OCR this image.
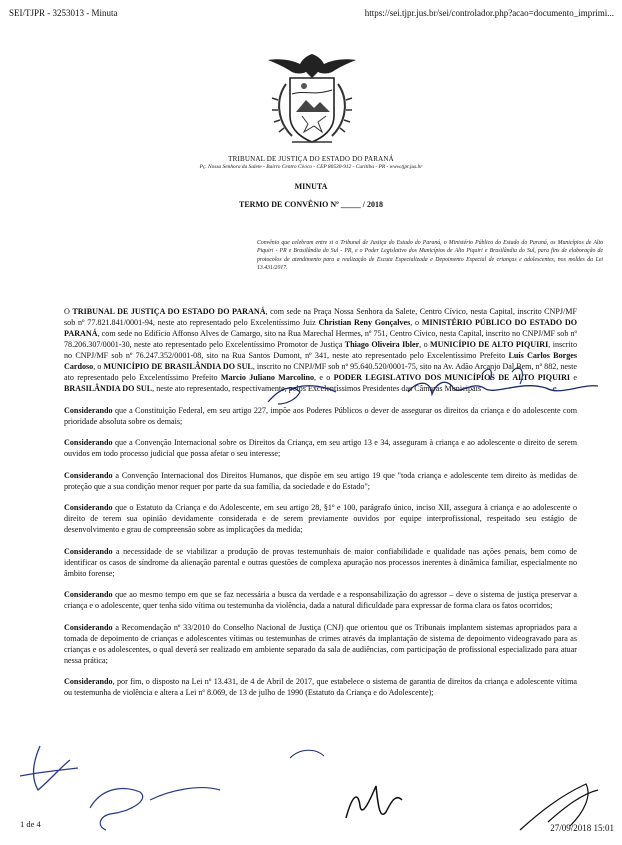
SEI/TJPR - 3253013 - Minuta	https://sei.tjpr.jus.br/sei/controlador.php?acao=documento_imprimi...
TRIBUNAL DE JUSTIÇA DO ESTADO DO PARANÁ
Pç. Nossa Senhora da Salete - Bairro Centro Cívico - CEP 80530-912 - Curitiba - PR - www.tjpr.jus.br
MINUTA
TERMO DE CONVÊNIO Nº _____ / 2018
Convênio que celebram entre si o Tribunal de Justiça do Estado do Paraná, o Ministério Público do Estado do Paraná, os Municípios de Alto Piquiri - PR e Brasilândia do Sul - PR, e o Poder Legislativo dos Municípios de Alto Piquiri e Brasilândia do Sul, para fins de elaboração de protocolos de atendimento para a realização de Escuta Especializada e Depoimento Especial de crianças e adolescentes, nos moldes da Lei 13.431/2017.

O TRIBUNAL DE JUSTIÇA DO ESTADO DO PARANÁ, com sede na Praça Nossa Senhora da Salete, Centro Cívico, nesta Capital, inscrito CNPJ/MF sob nº 77.821.841/0001-94, neste ato representado pelo Excelentíssimo Juiz Christian Reny Gonçalves, o MINISTÉRIO PÚBLICO DO ESTADO DO PARANÁ, com sede no Edifício Affonso Alves de Camargo, sito na Rua Marechal Hermes, nº 751, Centro Cívico, nesta Capital, inscrito no CNPJ/MF sob nº 78.206.307/0001-30, neste ato representado pelo Excelentíssimo Promotor de Justiça Thiago Oliveira Ibler, o MUNICÍPIO DE ALTO PIQUIRI, inscrito no CNPJ/MF sob nº 76.247.352/0001-08, sito na Rua Santos Dumont, nº 341, neste ato representado pelo Excelentíssimo Prefeito Luís Carlos Borges Cardoso, o MUNICÍPIO DE BRASILÂNDIA DO SUL, inscrito no CNPJ/MF sob nº 95.640.520/0001-75, sito na Av. Adão Arcanjo Dal Bem, nº 882, neste ato representado pelo Excelentíssimo Prefeito Marcio Juliano Marcolino, e o PODER LEGISLATIVO DOS MUNICÍPIOS DE ALTO PIQUIRI e BRASILÂNDIA DO SUL, neste ato representado, respectivamente, pelos Excelentíssimos Presidentes das Câmaras Municipais	e

Considerando que a Constituição Federal, em seu artigo 227, impõe aos Poderes Públicos o dever de assegurar os direitos da criança e do adolescente com prioridade absoluta sobre os demais;

Considerando que a Convenção Internacional sobre os Direitos da Criança, em seu artigo 13 e 34, asseguram à criança e ao adolescente o direito de serem ouvidos em todo processo judicial que possa afetar o seu interesse;

Considerando a Convenção Internacional dos Direitos Humanos, que dispõe em seu artigo 19 que "toda criança e adolescente tem direito às medidas de proteção que a sua condição menor requer por parte da sua família, da sociedade e do Estado";

Considerando que o Estatuto da Criança e do Adolescente, em seu artigo 28, §1º e 100, parágrafo único, inciso XII, assegura à criança e ao adolescente o direito de terem sua opinião devidamente considerada e de serem previamente ouvidos por equipe interprofissional, respeitado seu estágio de desenvolvimento e grau de compreensão sobre as implicações da medida;

Considerando a necessidade de se viabilizar a produção de provas testemunhais de maior confiabilidade e qualidade nas ações penais, bem como de identificar os casos de síndrome da alienação parental e outras questões de complexa apuração nos processos inerentes à dinâmica familiar, especialmente no âmbito forense;

Considerando que ao mesmo tempo em que se faz necessária a busca da verdade e a responsabilização do agressor – deve o sistema de justiça preservar a criança e o adolescente, quer tenha sido vítima ou testemunha da violência, dada a natural dificuldade para expressar de forma clara os fatos ocorridos;

Considerando a Recomendação nº 33/2010 do Conselho Nacional de Justiça (CNJ) que orientou que os Tribunais implantem sistemas apropriados para a tomada de depoimento de crianças e adolescentes vítimas ou testemunhas de crimes através da implantação de sistema de depoimento videogravado para as crianças e os adolescentes, o qual deverá ser realizado em ambiente separado da sala de audiências, com participação de profissional especializado para atuar nessa prática;

Considerando, por fim, o disposto na Lei nº 13.431, de 4 de Abril de 2017, que estabelece o sistema de garantia de direitos da criança e adolescente vítima ou testemunha de violência e altera a Lei nº 8.069, de 13 de julho de 1990 (Estatuto da Criança e do Adolescente);

1 de 4	27/09/2018 15:01
